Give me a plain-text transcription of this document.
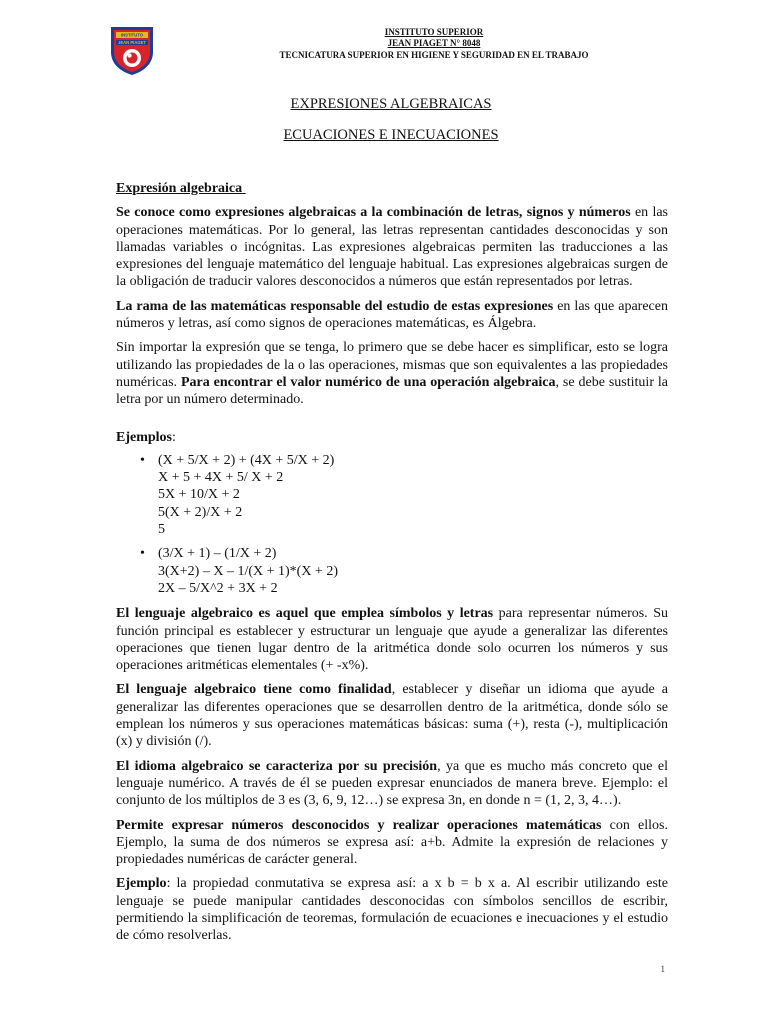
INSTITUTO
JEAN PIAGET
INSTITUTO SUPERIOR
JEAN PIAGET N° 8048
TECNICATURA SUPERIOR EN HIGIENE Y SEGURIDAD EN EL TRABAJO
EXPRESIONES ALGEBRAICAS
ECUACIONES E INECUACIONES

Expresión algebraica

Se conoce como expresiones algebraicas a la combinación de letras, signos y números en las operaciones matemáticas. Por lo general, las letras representan cantidades desconocidas y son llamadas variables o incógnitas. Las expresiones algebraicas permiten las traducciones a las expresiones del lenguaje matemático del lenguaje habitual. Las expresiones algebraicas surgen de la obligación de traducir valores desconocidos a números que están representados por letras.

La rama de las matemáticas responsable del estudio de estas expresiones en las que aparecen números y letras, así como signos de operaciones matemáticas, es Álgebra.

Sin importar la expresión que se tenga, lo primero que se debe hacer es simplificar, esto se logra utilizando las propiedades de la o las operaciones, mismas que son equivalentes a las propiedades numéricas. Para encontrar el valor numérico de una operación algebraica, se debe sustituir la letra por un número determinado.

Ejemplos:

• (X + 5/X + 2) + (4X + 5/X + 2)
X + 5 + 4X + 5/ X + 2
5X + 10/X + 2
5(X + 2)/X + 2
5
• (3/X + 1) – (1/X + 2)
3(X+2) – X – 1/(X + 1)*(X + 2)
2X – 5/X^2 + 3X + 2

El lenguaje algebraico es aquel que emplea símbolos y letras para representar números. Su función principal es establecer y estructurar un lenguaje que ayude a generalizar las diferentes operaciones que tienen lugar dentro de la aritmética donde solo ocurren los números y sus operaciones aritméticas elementales (+ -x%).

El lenguaje algebraico tiene como finalidad, establecer y diseñar un idioma que ayude a generalizar las diferentes operaciones que se desarrollen dentro de la aritmética, donde sólo se emplean los números y sus operaciones matemáticas básicas: suma (+), resta (-), multiplicación (x) y división (/).

El idioma algebraico se caracteriza por su precisión, ya que es mucho más concreto que el lenguaje numérico. A través de él se pueden expresar enunciados de manera breve. Ejemplo: el conjunto de los múltiplos de 3 es (3, 6, 9, 12…) se expresa 3n, en donde n = (1, 2, 3, 4…).

Permite expresar números desconocidos y realizar operaciones matemáticas con ellos. Ejemplo, la suma de dos números se expresa así: a+b. Admite la expresión de relaciones y propiedades numéricas de carácter general.

Ejemplo: la propiedad conmutativa se expresa así: a x b = b x a. Al escribir utilizando este lenguaje se puede manipular cantidades desconocidas con símbolos sencillos de escribir, permitiendo la simplificación de teoremas, formulación de ecuaciones e inecuaciones y el estudio de cómo resolverlas.

1
